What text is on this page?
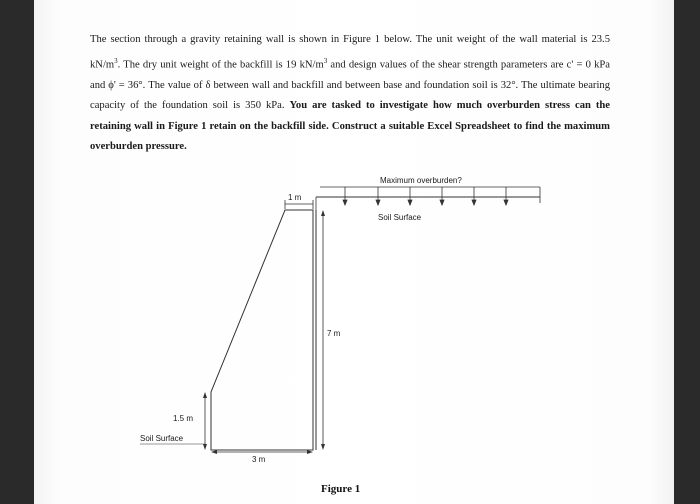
The section through a gravity retaining wall is shown in Figure 1 below. The unit weight of the wall material is 23.5 $kN/m^3$. The dry unit weight of the backfill is 19 $kN/m^3$ and design values of the shear strength parameters are c' = 0 kPa and ϕ' = 36°. The value of δ between wall and backfill and between base and foundation soil is 32°. The ultimate bearing capacity of the foundation soil is 350 kPa. You are tasked to investigate how much overburden stress can the retaining wall in Figure 1 retain on the backfill side. Construct a suitable Excel Spreadsheet to find the maximum overburden pressure.
1 m
Maximum overburden?
Soil Surface
7 m
1.5 m
Soil Surface
3 m
Figure 1
